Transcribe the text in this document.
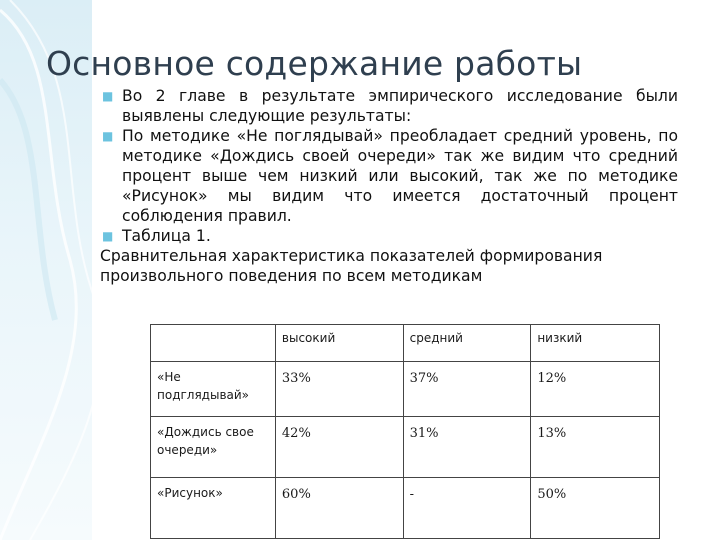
Основное содержание работы
■ Во 2 главе в результате эмпирического исследование были выявлены следующие результаты:
■ По методике «Не поглядывай» преобладает средний уровень, по методике «Дождись своей очереди» так же видим что средний процент выше чем низкий или высокий, так же по методике «Рисунок» мы видим что имеется достаточный процент соблюдения правил.
■ Таблица 1.
Сравнительная характеристика показателей формирования произвольного поведения по всем методикам
	высокий	средний	низкий
«Не подглядывай»	33%	37%	12%
«Дождись свое очереди»	42%	31%	13%
«Рисунок»	60%	-	50%
